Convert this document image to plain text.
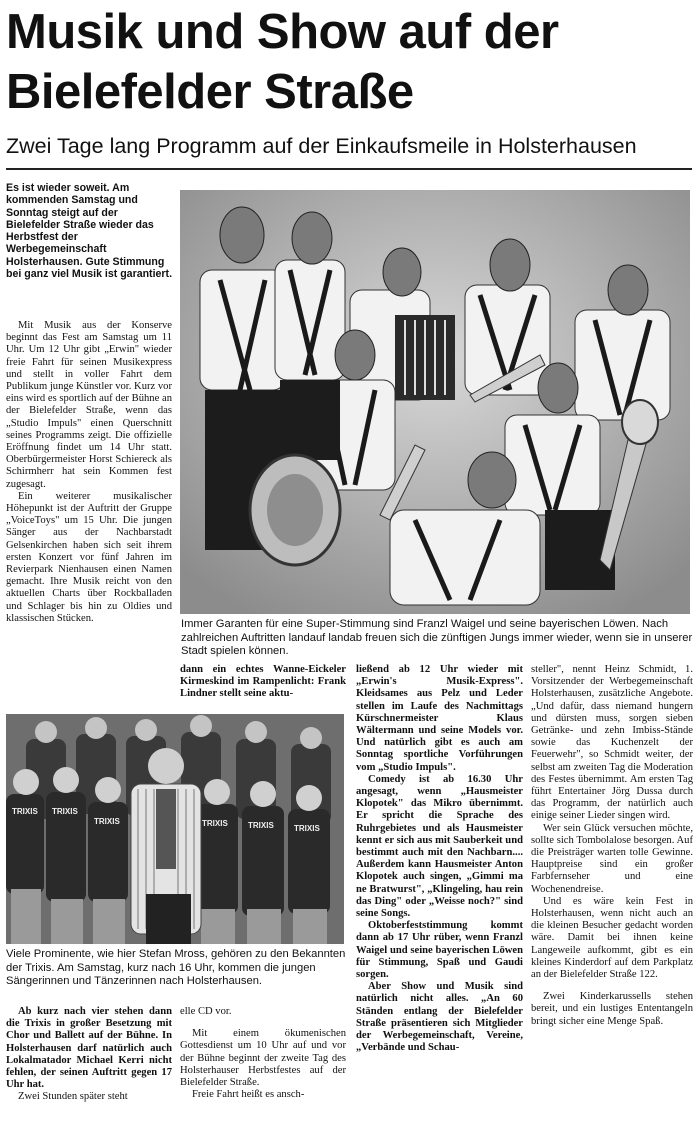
Musik und Show auf der Bielefelder Straße

Zwei Tage lang Programm auf der Einkaufsmeile in Holsterhausen

Es ist wieder soweit. Am kommenden Samstag und Sonntag steigt auf der Bielefelder Straße wieder das Herbstfest der Werbegemeinschaft Holsterhausen. Gute Stimmung bei ganz viel Musik ist garantiert.

Mit Musik aus der Konserve beginnt das Fest am Samstag um 11 Uhr. Um 12 Uhr gibt „Erwin" wieder freie Fahrt für seinen Musikexpress und stellt in voller Fahrt dem Publikum junge Künstler vor. Kurz vor eins wird es sportlich auf der Bühne an der Bielefelder Straße, wenn das „Studio Impuls" einen Querschnitt seines Programms zeigt. Die offizielle Eröffnung findet um 14 Uhr statt. Oberbürgermeister Horst Schiereck als Schirmherr hat sein Kommen fest zugesagt.

Ein weiterer musikalischer Höhepunkt ist der Auftritt der Gruppe „VoiceToys" um 15 Uhr. Die jungen Sänger aus der Nachbarstadt Gelsenkirchen haben sich seit ihrem ersten Konzert vor fünf Jahren im Revierpark Nienhausen einen Namen gemacht. Ihre Musik reicht von den aktuellen Charts über Rockballaden und Schlager bis hin zu Oldies und klassischen Stücken.	Immer Garanten für eine Super-Stimmung sind Franzl Waigel und seine bayerischen Löwen. Nach zahlreichen Auftritten landauf landab freuen sich die zünftigen Jungs immer wieder, wenn sie in unserer Stadt spielen können.

TRIXIS TRIXIS
TRIXIS	TRIXIS	TRIXIS	TRIXIS

Viele Prominente, wie hier Stefan Mross, gehören zu den Bekannten der Trixis. Am Samstag, kurz nach 16 Uhr, kommen die jungen Sängerinnen und Tänzerinnen nach Holsterhausen.

dann ein echtes Wanne-Eickeler Kirmeskind im Rampenlicht: Frank Lindner stellt seine aktu-

Ab kurz nach vier stehen dann die Trixis in großer Besetzung mit Chor und Ballett auf der Bühne. In Holsterhausen darf natürlich auch Lokalmatador Michael Kerri nicht fehlen, der seinen Auftritt gegen 17 Uhr hat.

Zwei Stunden später steht

elle CD vor.

Mit einem ökumenischen Gottesdienst um 10 Uhr auf und vor der Bühne beginnt der zweite Tag des Holsterhauser Herbstfestes auf der Bielefelder Straße.

Freie Fahrt heißt es ansch-

ließend ab 12 Uhr wieder mit „Erwin's Musik-Express". Kleidsames aus Pelz und Leder stellen im Laufe des Nachmittags Kürschnermeister Klaus Wältermann und seine Models vor. Und natürlich gibt es auch am Sonntag sportliche Vorführungen vom „Studio Impuls".

Comedy ist ab 16.30 Uhr angesagt, wenn „Hausmeister Klopotek" das Mikro übernimmt. Er spricht die Sprache des Ruhrgebietes und als Hausmeister kennt er sich aus mit Sauberkeit und bestimmt auch mit den Nachbarn.... Außerdem kann Hausmeister Anton Klopotek auch singen, „Gimmi ma ne Bratwurst", „Klingeling, hau rein das Ding" oder „Weisse noch?" sind seine Songs.

Oktoberfeststimmung kommt dann ab 17 Uhr rüber, wenn Franzl Waigel und seine bayerischen Löwen für Stimmung, Spaß und Gaudi sorgen.

Aber Show und Musik sind natürlich nicht alles. „An 60 Ständen entlang der Bielefelder Straße präsentieren sich Mitglieder der Werbegemeinschaft, Vereine, „Verbände und Schau-

steller", nennt Heinz Schmidt, 1. Vorsitzender der Werbegemeinschaft Holsterhausen, zusätzliche Angebote. „Und dafür, dass niemand hungern und dürsten muss, sorgen sieben Getränke- und zehn Imbiss-Stände sowie das Kuchenzelt der Feuerwehr", so Schmidt weiter, der selbst am zweiten Tag die Moderation des Festes übernimmt. Am ersten Tag führt Entertainer Jörg Dussa durch das Programm, der natürlich auch einige seiner Lieder singen wird.

Wer sein Glück versuchen möchte, sollte sich Tombolalose besorgen. Auf die Preisträger warten tolle Gewinne. Hauptpreise sind ein großer Farbfernseher und eine Wochenendreise.

Und es wäre kein Fest in Holsterhausen, wenn nicht auch an die kleinen Besucher gedacht worden wäre. Damit bei ihnen keine Langeweile aufkommt, gibt es ein kleines Kinderdorf auf dem Parkplatz an der Bielefelder Straße 122.

Zwei Kinderkarussells stehen bereit, und ein lustiges Ententangeln bringt sicher eine Menge Spaß.
